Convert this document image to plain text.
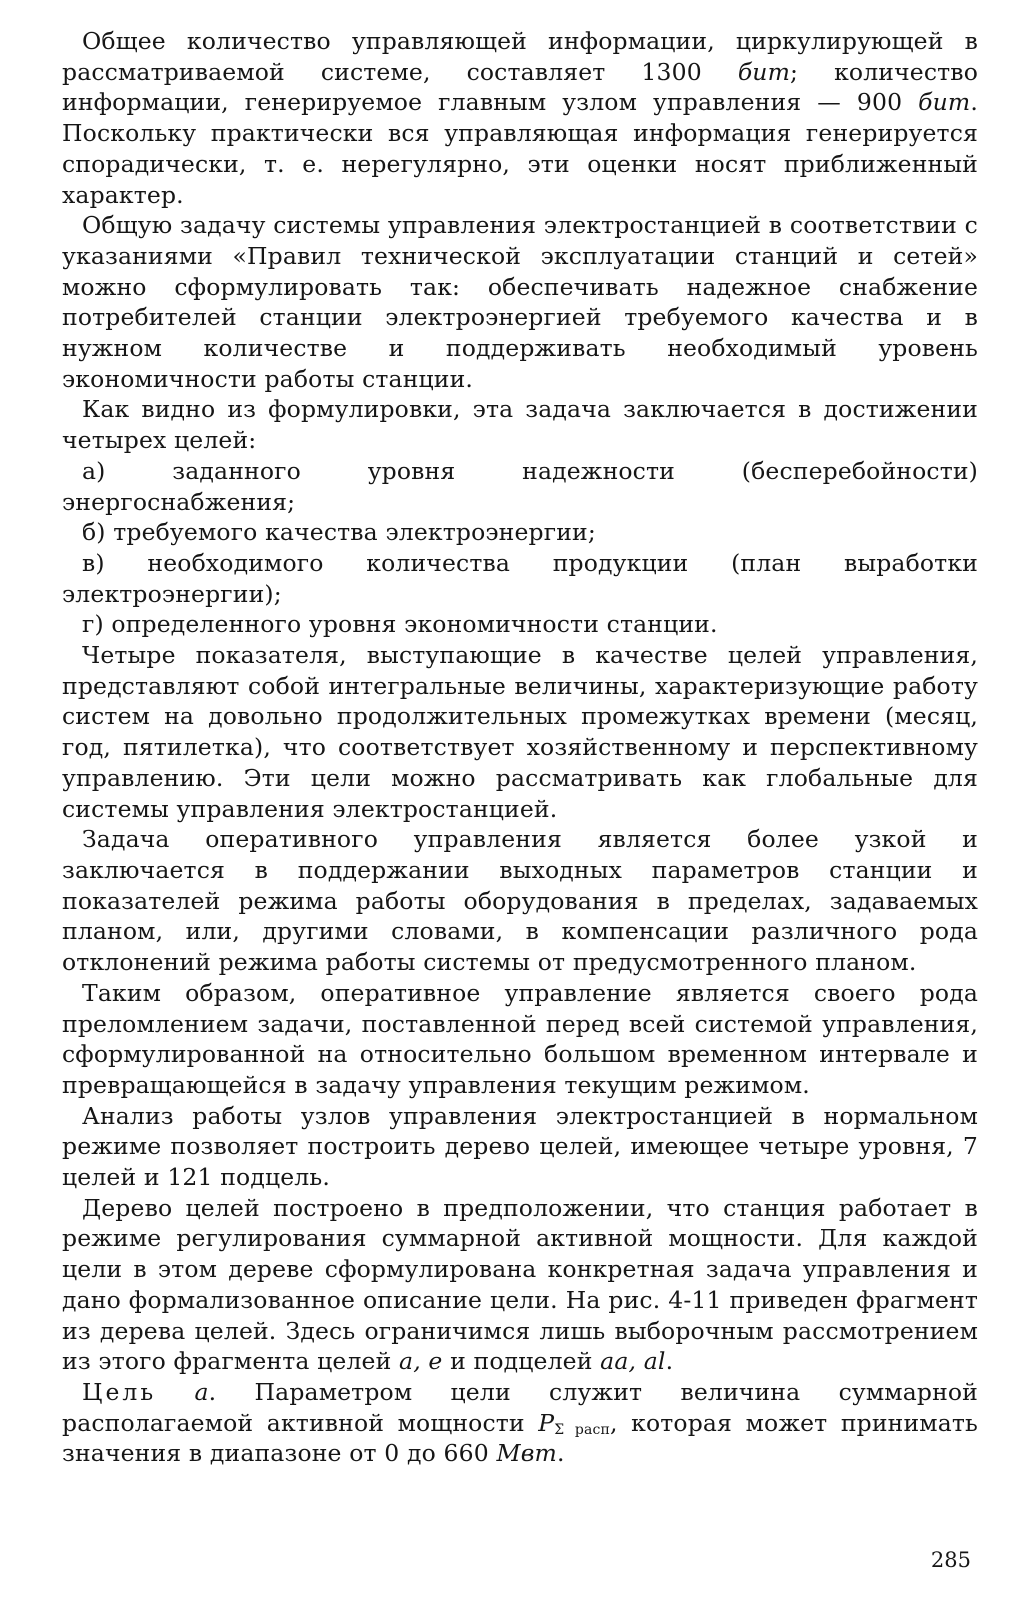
Общее количество управляющей информации, циркулирующей в рассматриваемой системе, составляет 1300 бит; количество информации, генерируемое главным узлом управления — 900 бит. Поскольку практически вся управляющая информация генерируется спорадически, т. е. нерегулярно, эти оценки носят приближенный характер.

Общую задачу системы управления электростанцией в соответствии с указаниями «Правил технической эксплуатации станций и сетей» можно сформулировать так: обеспечивать надежное снабжение потребителей станции электроэнергией требуемого качества и в нужном количестве и поддерживать необходимый уровень экономичности работы станции.

Как видно из формулировки, эта задача заключается в достижении четырех целей:

а) заданного уровня надежности (бесперебойности) энергоснабжения;

б) требуемого качества электроэнергии;

в) необходимого количества продукции (план выработки электроэнергии);

г) определенного уровня экономичности станции.

Четыре показателя, выступающие в качестве целей управления, представляют собой интегральные величины, характеризующие работу систем на довольно продолжительных промежутках времени (месяц, год, пятилетка), что соответствует хозяйственному и перспективному управлению. Эти цели можно рассматривать как глобальные для системы управления электростанцией.

Задача оперативного управления является более узкой и заключается в поддержании выходных параметров станции и показателей режима работы оборудования в пределах, задаваемых планом, или, другими словами, в компенсации различного рода отклонений режима работы системы от предусмотренного планом.

Таким образом, оперативное управление является своего рода преломлением задачи, поставленной перед всей системой управления, сформулированной на относительно большом временном интервале и превращающейся в задачу управления текущим режимом.

Анализ работы узлов управления электростанцией в нормальном режиме позволяет построить дерево целей, имеющее четыре уровня, 7 целей и 121 подцель.

Дерево целей построено в предположении, что станция работает в режиме регулирования суммарной активной мощности. Для каждой цели в этом дереве сформулирована конкретная задача управления и дано формализованное описание цели. На рис. 4-11 приведен фрагмент из дерева целей. Здесь ограничимся лишь выборочным рассмотрением из этого фрагмента целей а, е и подцелей аа, al.

Цель а. Параметром цели служит величина суммарной располагаемой активной мощности $P_{\Sigma расп}$, которая может принимать значения в диапазоне от 0 до 660 Мвт.

285
